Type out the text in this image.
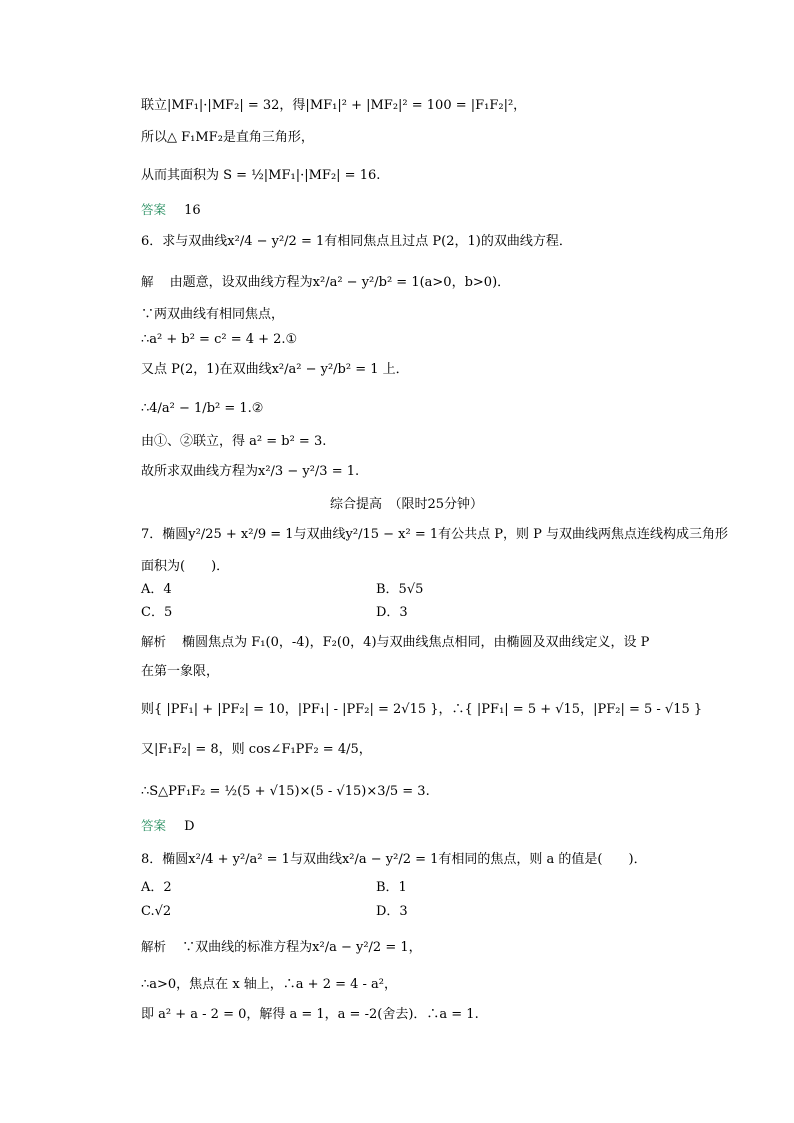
联立|MF₁|·|MF₂| = 32，得|MF₁|² + |MF₂|² = 100 = |F₁F₂|²，
所以△ F₁MF₂是直角三角形，
从而其面积为 S = ½|MF₁|·|MF₂| = 16.
答案 16
6．求与双曲线x²/4 − y²/2 = 1有相同焦点且过点 P(2，1)的双曲线方程．
解 由题意，设双曲线方程为x²/a² − y²/b² = 1(a>0，b>0)．
∵两双曲线有相同焦点，
∴a² + b² = c² = 4 + 2.①
又点 P(2，1)在双曲线x²/a² − y²/b² = 1 上．
∴4/a² − 1/b² = 1.②
由①、②联立，得 a² = b² = 3.
故所求双曲线方程为x²/3 − y²/3 = 1.
综合提高　（限时25分钟）
7．椭圆y²/25 + x²/9 = 1与双曲线y²/15 − x² = 1有公共点 P，则 P 与双曲线两焦点连线构成三角形
面积为(　　)．
A．4	B．5√5
C．5	D．3
解析 椭圆焦点为 F₁(0，-4)，F₂(0，4)与双曲线焦点相同，由椭圆及双曲线定义，设 P
在第一象限，
则{ |PF₁| + |PF₂| = 10，|PF₁| - |PF₂| = 2√15 }，∴{ |PF₁| = 5 + √15，|PF₂| = 5 - √15 }
又|F₁F₂| = 8，则 cos∠F₁PF₂ = 4/5，
∴S△PF₁F₂ = ½(5 + √15)×(5 - √15)×3/5 = 3.
答案 D
8．椭圆x²/4 + y²/a² = 1与双曲线x²/a − y²/2 = 1有相同的焦点，则 a 的值是(　　)．
A．2	B．1
C.√2	D．3
解析 ∵双曲线的标准方程为x²/a − y²/2 = 1，
∴a>0，焦点在 x 轴上，∴a + 2 = 4 - a²，
即 a² + a - 2 = 0，解得 a = 1，a = -2(舍去)．∴a = 1.
